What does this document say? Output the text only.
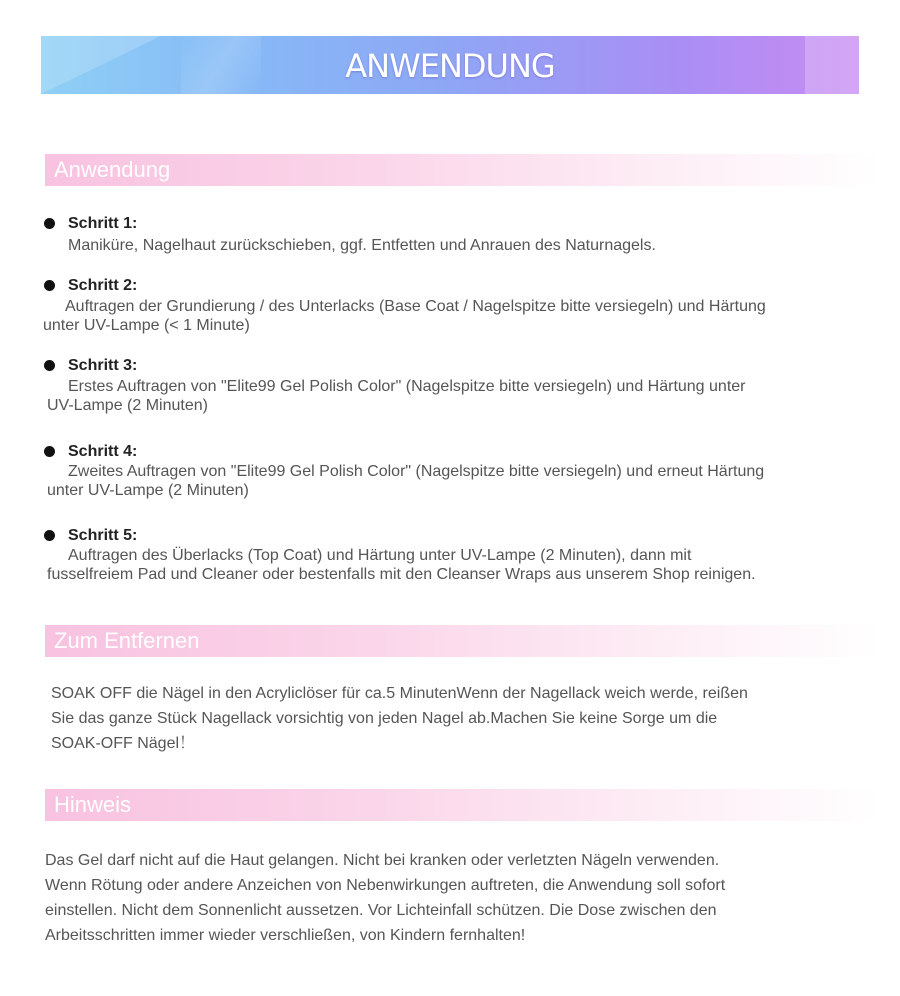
ANWENDUNG
Anwendung
Schritt 1:
Maniküre, Nagelhaut zurückschieben, ggf. Entfetten und Anrauen des Naturnagels.
Schritt 2:
Auftragen der Grundierung / des Unterlacks (Base Coat / Nagelspitze bitte versiegeln) und Härtung
unter UV-Lampe (< 1 Minute)
Schritt 3:
Erstes Auftragen von "Elite99 Gel Polish Color" (Nagelspitze bitte versiegeln) und Härtung unter
UV-Lampe (2 Minuten)
Schritt 4:
Zweites Auftragen von "Elite99 Gel Polish Color" (Nagelspitze bitte versiegeln) und erneut Härtung
unter UV-Lampe (2 Minuten)
Schritt 5:
Auftragen des Überlacks (Top Coat) und Härtung unter UV-Lampe (2 Minuten), dann mit
fusselfreiem Pad und Cleaner oder bestenfalls mit den Cleanser Wraps aus unserem Shop reinigen.
Zum Entfernen
SOAK OFF die Nägel in den Acryliclöser für ca.5 MinutenWenn der Nagellack weich werde, reißen
Sie das ganze Stück Nagellack vorsichtig von jeden Nagel ab.Machen Sie keine Sorge um die
SOAK-OFF Nägel！
Hinweis
Das Gel darf nicht auf die Haut gelangen. Nicht bei kranken oder verletzten Nägeln verwenden.
Wenn Rötung oder andere Anzeichen von Nebenwirkungen auftreten, die Anwendung soll sofort
einstellen. Nicht dem Sonnenlicht aussetzen. Vor Lichteinfall schützen. Die Dose zwischen den
Arbeitsschritten immer wieder verschließen, von Kindern fernhalten!
